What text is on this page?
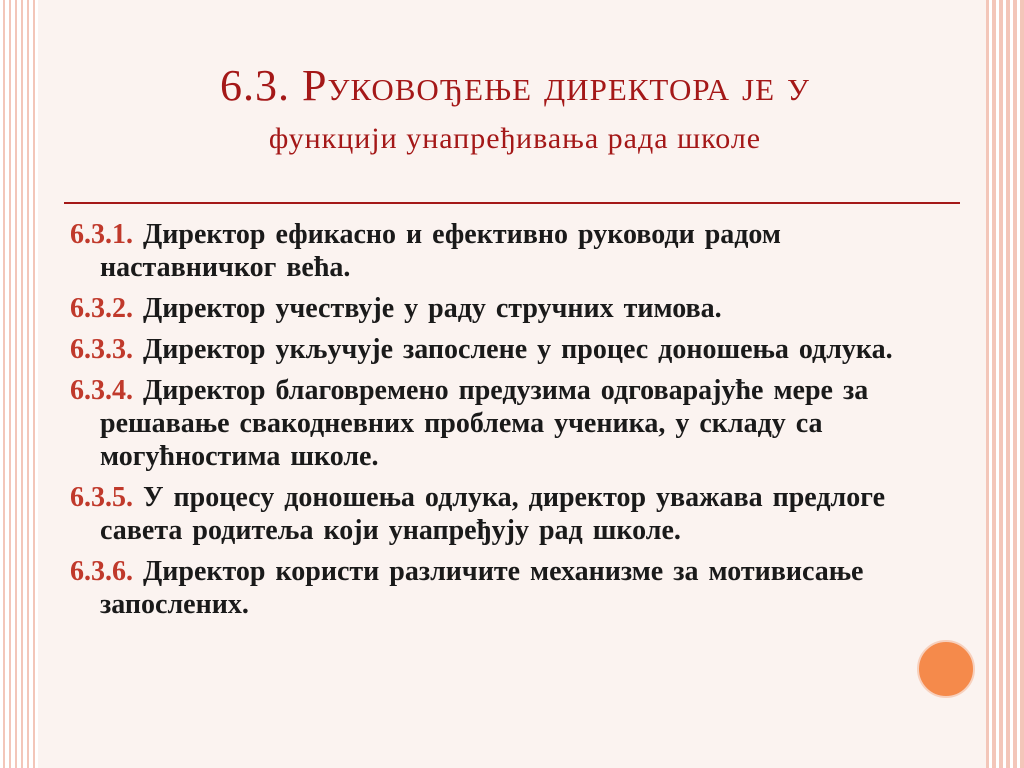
6.3. Руковођење директора је у
функцији унапређивања рада школе
6.3.1. Директор ефикасно и ефективно руководи радом наставничког већа.
6.3.2. Директор учествује у раду стручних тимова.
6.3.3. Директор укључује запослене у процес доношења одлука.
6.3.4. Директор благовремено предузима одговарајуће мере за решавање свакодневних проблема ученика, у складу са могућностима школе.
6.3.5. У процесу доношења одлука, директор уважава предлоге савета родитеља који унапређују рад школе.
6.3.6. Директор користи различите механизме за мотивисање запослених.
